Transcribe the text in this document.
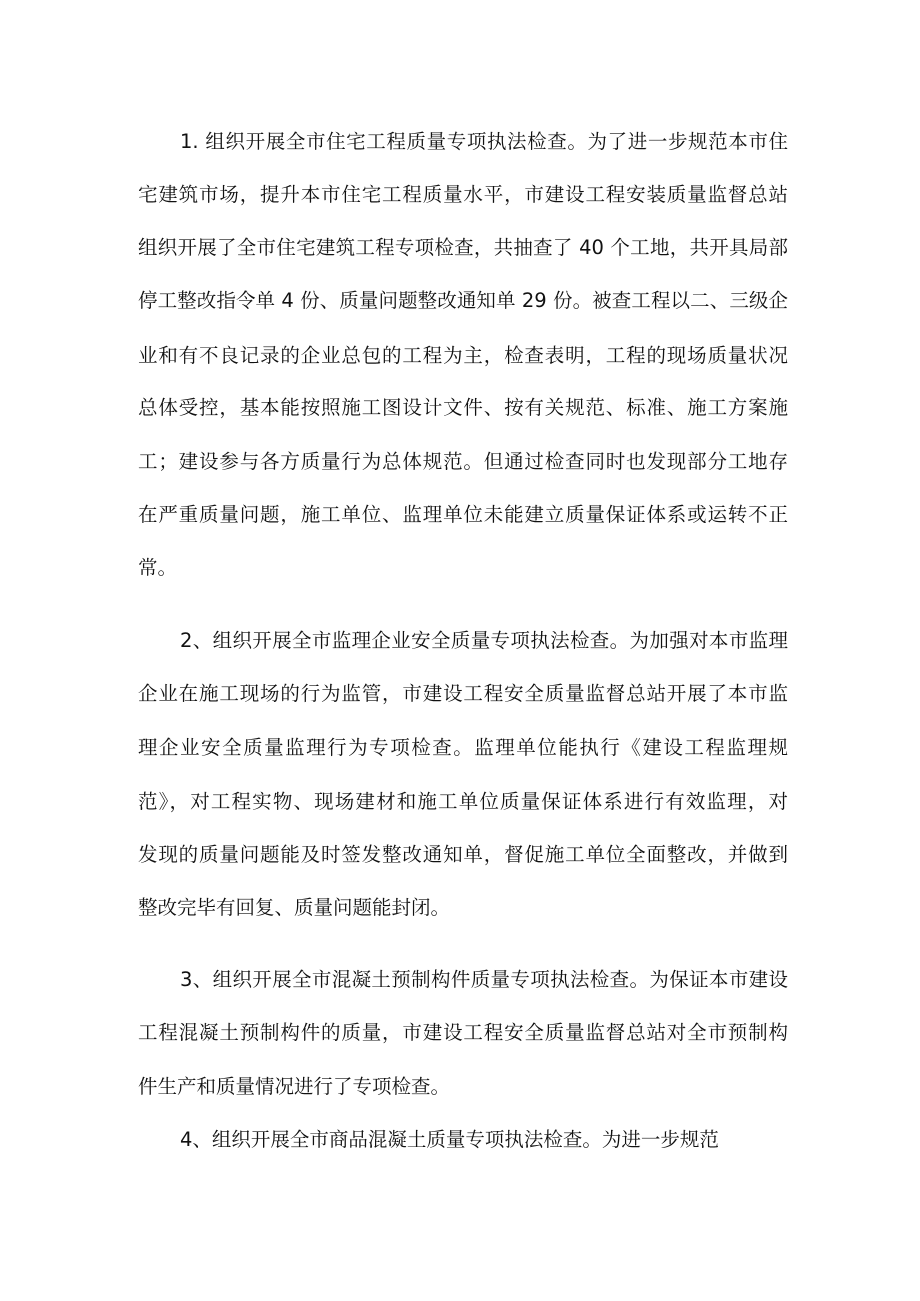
1. 组织开展全市住宅工程质量专项执法检查。为了进一步规范本市住
宅建筑市场，提升本市住宅工程质量水平，市建设工程安装质量监督总站
组织开展了全市住宅建筑工程专项检查，共抽查了 40 个工地，共开具局部
停工整改指令单 4 份、质量问题整改通知单 29 份。被查工程以二、三级企
业和有不良记录的企业总包的工程为主，检查表明，工程的现场质量状况
总体受控，基本能按照施工图设计文件、按有关规范、标准、施工方案施
工；建设参与各方质量行为总体规范。但通过检查同时也发现部分工地存
在严重质量问题，施工单位、监理单位未能建立质量保证体系或运转不正
常。
2、组织开展全市监理企业安全质量专项执法检查。为加强对本市监理
企业在施工现场的行为监管，市建设工程安全质量监督总站开展了本市监
理企业安全质量监理行为专项检查。监理单位能执行《建设工程监理规
范》，对工程实物、现场建材和施工单位质量保证体系进行有效监理，对
发现的质量问题能及时签发整改通知单，督促施工单位全面整改，并做到
整改完毕有回复、质量问题能封闭。
3、组织开展全市混凝土预制构件质量专项执法检查。为保证本市建设
工程混凝土预制构件的质量，市建设工程安全质量监督总站对全市预制构
件生产和质量情况进行了专项检查。
4、组织开展全市商品混凝土质量专项执法检查。为进一步规范
